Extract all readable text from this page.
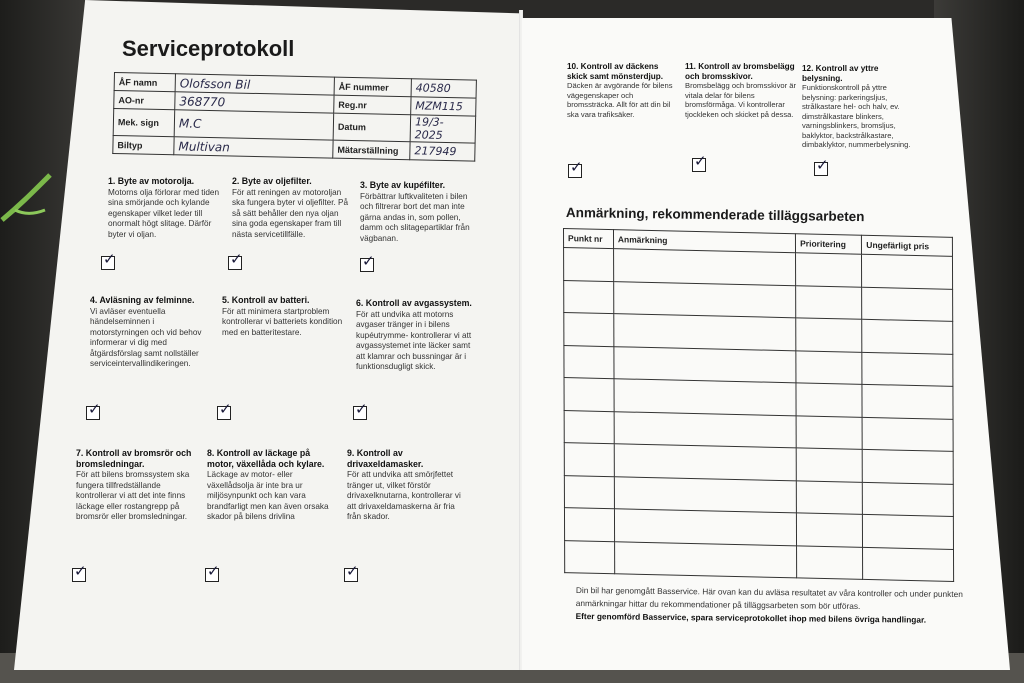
Serviceprotokoll
ÅF namn	Olofsson Bil	ÅF nummer	40580
AO-nr	368770	Reg.nr	MZM115
Mek. sign	M.C	Datum	19/3-2025
Biltyp	Multivan	Mätarställning	217949
1. Byte av motorolja.
Motorns olja förlorar med tiden sina smörjande och kylande egenskaper vilket leder till onormalt högt slitage. Därför byter vi oljan.
2. Byte av oljefilter.
För att reningen av motoroljan ska fungera byter vi oljefilter. På så sätt behåller den nya oljan sina goda egenskaper fram till nästa servicetillfälle.
3. Byte av kupéfilter.
Förbättrar luftkvaliteten i bilen och filtrerar bort det man inte gärna andas in, som pollen, damm och slitagepartiklar från vägbanan.
✓	✓	✓
4. Avläsning av felminne.
Vi avläser eventuella händelseminnen i motorstyrningen och vid behov informerar vi dig med åtgärdsförslag samt nollställer serviceintervallindikeringen.
5. Kontroll av batteri.
För att minimera startproblem kontrollerar vi batteriets kondition med en batteritestare.
6. Kontroll av avgassystem.
För att undvika att motorns avgaser tränger in i bilens kupéutrymme- kontrollerar vi att avgassystemet inte läcker samt att klamrar och bussningar är i funktionsdugligt skick.
✓	✓	✓
7. Kontroll av bromsrör och bromsledningar.
För att bilens bromssystem ska fungera tillfredställande kontrollerar vi att det inte finns läckage eller rostangrepp på bromsrör eller bromsledningar.
8. Kontroll av läckage på motor, växellåda och kylare.
Läckage av motor- eller växellådsolja är inte bra ur miljösynpunkt och kan vara brandfarligt men kan även orsaka skador på bilens drivlina
9. Kontroll av drivaxeldamasker.
För att undvika att smörjfettet tränger ut, vilket förstör drivaxelknutarna, kontrollerar vi att drivaxeldamaskerna är fria från skador.
✓	✓	✓
10. Kontroll av däckens skick samt mönsterdjup.
Däcken är avgörande för bilens vägegenskaper och bromssträcka. Allt för att din bil ska vara trafiksäker.
11. Kontroll av bromsbelägg och bromsskivor.
Bromsbelägg och bromsskivor är vitala delar för bilens bromsförmåga. Vi kontrollerar tjockleken och skicket på dessa.
12. Kontroll av yttre belysning.
Funktionskontroll på yttre belysning: parkeringsljus, strålkastare hel- och halv, ev. dimstrålkastare blinkers, varningsblinkers, bromsljus, baklyktor, backstrålkastare, dimbaklyktor, nummerbelysning.
✓	✓	✓
Anmärkning, rekommenderade tilläggsarbeten
Punkt nr	Anmärkning	Prioritering	Ungefärligt pris

Din bil har genomgått Basservice. Här ovan kan du avläsa resultatet av våra kontroller och under punkten anmärkningar hittar du rekommendationer på tilläggsarbeten som bör utföras.
Efter genomförd Basservice, spara serviceprotokollet ihop med bilens övriga handlingar.
